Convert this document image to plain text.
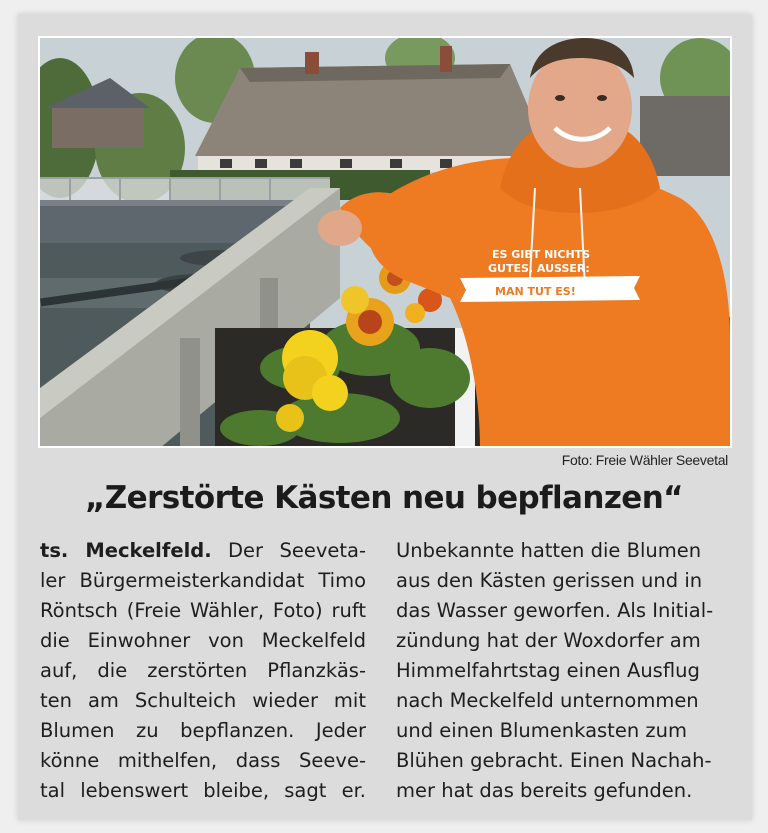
ES GIBT NICHTS
GUTES, AUSSER:
MAN TUT ES!
Foto: Freie Wähler Seevetal
„Zerstörte Kästen neu bepflanzen“
ts. Meckelfeld. Der Seeveta-
ler Bürgermeisterkandidat Timo
Röntsch (Freie Wähler, Foto) ruft
die Einwohner von Meckelfeld
auf, die zerstörten Pflanzkäs-
ten am Schulteich wieder mit
Blumen zu bepflanzen. Jeder
könne mithelfen, dass Seeve-
tal lebenswert bleibe, sagt er.
Unbekannte hatten die Blumen
aus den Kästen gerissen und in
das Wasser geworfen. Als Initial-
zündung hat der Woxdorfer am
Himmelfahrtstag einen Ausflug
nach Meckelfeld unternommen
und einen Blumenkasten zum
Blühen gebracht. Einen Nachah-
mer hat das bereits gefunden.
